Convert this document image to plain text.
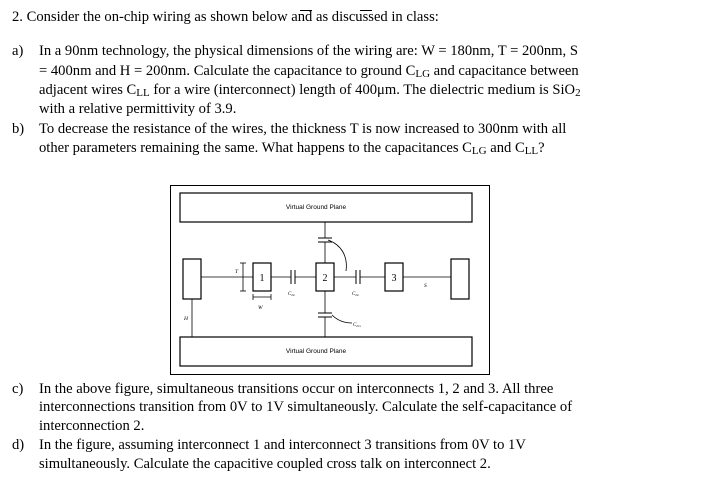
2. Consider the on-chip wiring as shown below and as discussed in class:
a) In a 90nm technology, the physical dimensions of the wiring are: W = 180nm, T = 200nm, S
= 400nm and H = 200nm. Calculate the capacitance to ground $C_{LG}$ and capacitance between
adjacent wires $C_{LL}$ for a wire (interconnect) length of 400μm. The dielectric medium is SiO$_2$
with a relative permittivity of 3.9.
b) To decrease the resistance of the wires, the thickness T is now increased to 300nm with all
other parameters remaining the same. What happens to the capacitances $C_{LG}$ and $C_{LL}$?
Virtual Ground Plane
Virtual Ground Plane
1	2	3
T
W
S
H
$C_{LL}$	$C_{LL}$
$C_{LG}$
c) In the above figure, simultaneous transitions occur on interconnects 1, 2 and 3. All three
interconnections transition from 0V to 1V simultaneously. Calculate the self-capacitance of
interconnection 2.
d) In the figure, assuming interconnect 1 and interconnect 3 transitions from 0V to 1V
simultaneously. Calculate the capacitive coupled cross talk on interconnect 2.
